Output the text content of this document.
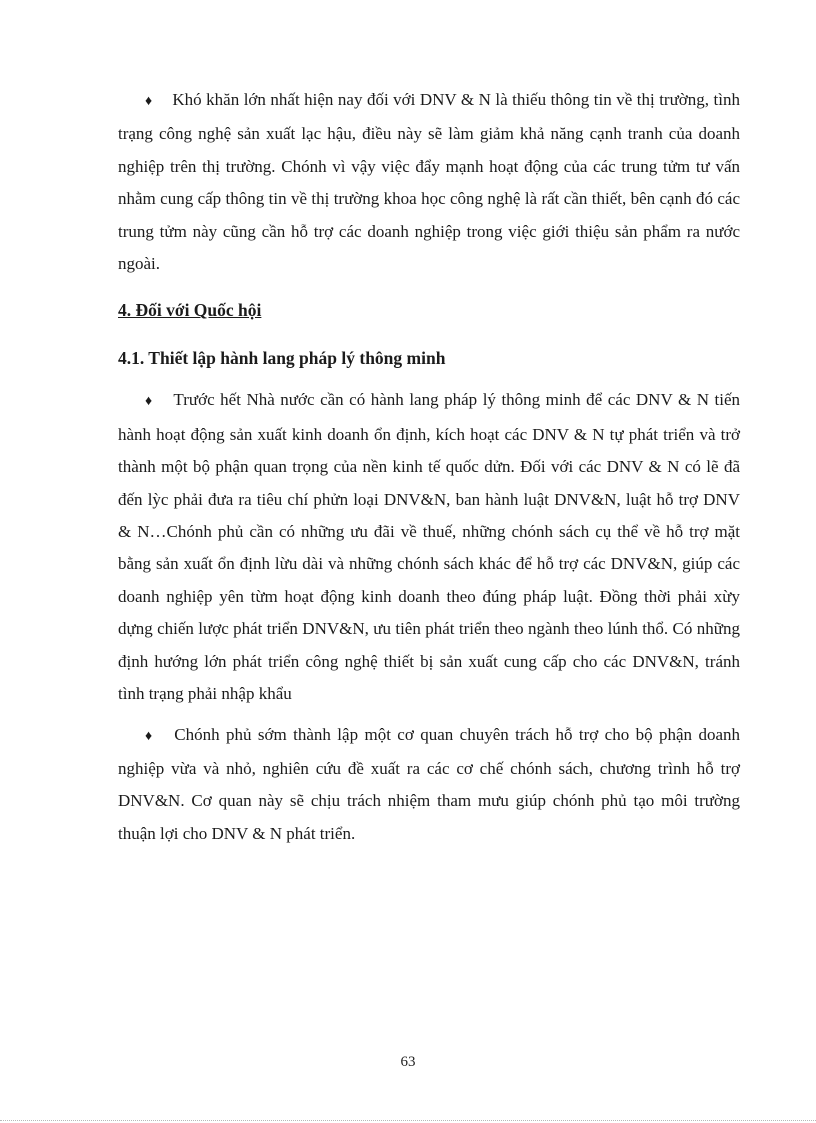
♦ Khó khăn lớn nhất hiện nay đối với DNV & N là thiếu thông tin về thị trường, tình trạng công nghệ sản xuất lạc hậu, điều này sẽ làm giảm khả năng cạnh tranh của doanh nghiệp trên thị trường. Chónh vì vậy việc đẩy mạnh hoạt động của các trung tửm tư vấn nhằm cung cấp thông tin về thị trường khoa học công nghệ là rất cần thiết, bên cạnh đó các trung tửm này cũng cần hỗ trợ các doanh nghiệp trong việc giới thiệu sản phẩm ra nước ngoài.

4. Đối với Quốc hội
4.1. Thiết lập hành lang pháp lý thông minh

♦ Trước hết Nhà nước cần có hành lang pháp lý thông minh để các DNV & N tiến hành hoạt động sản xuất kinh doanh ổn định, kích hoạt các DNV & N tự phát triển và trở thành một bộ phận quan trọng của nền kinh tế quốc dửn. Đối với các DNV & N có lẽ đã đến lỳc phải đưa ra tiêu chí phửn loại DNV&N, ban hành luật DNV&N, luật hỗ trợ DNV & N…Chónh phủ cần có những ưu đãi về thuế, những chónh sách cụ thể về hỗ trợ mặt bằng sản xuất ổn định lừu dài và những chónh sách khác để hỗ trợ các DNV&N, giúp các doanh nghiệp yên từm hoạt động kinh doanh theo đúng pháp luật. Đồng thời phải xừy dựng chiến lược phát triển DNV&N, ưu tiên phát triển theo ngành theo lúnh thổ. Có những định hướng lớn phát triển công nghệ thiết bị sản xuất cung cấp cho các DNV&N, tránh tình trạng phải nhập khẩu

♦ Chónh phủ sớm thành lập một cơ quan chuyên trách hỗ trợ cho bộ phận doanh nghiệp vừa và nhỏ, nghiên cứu đề xuất ra các cơ chế chónh sách, chương trình hỗ trợ DNV&N. Cơ quan này sẽ chịu trách nhiệm tham mưu giúp chónh phủ tạo môi trường thuận lợi cho DNV & N phát triển.

63
